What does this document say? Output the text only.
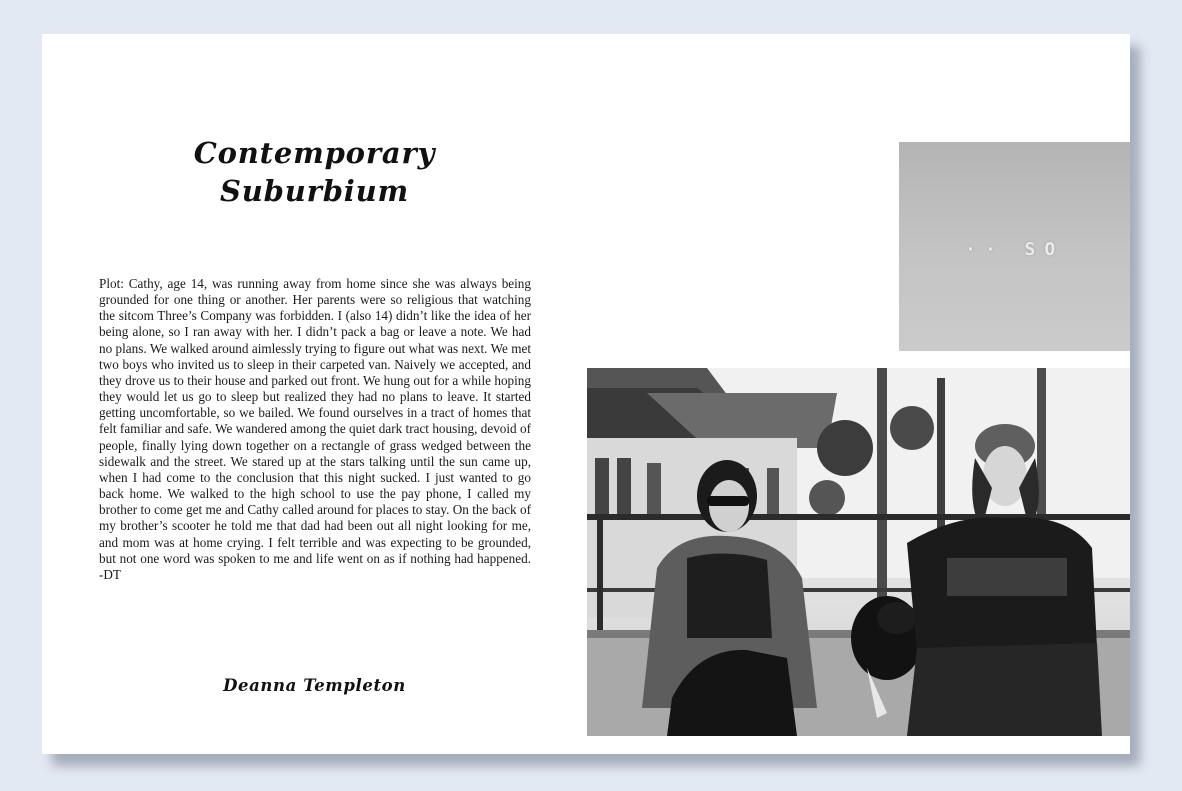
Contemporary
Suburbium

Plot: Cathy, age 14, was running away from home since she was always being grounded for one thing or another. Her parents were so religious that watching the sitcom Three’s Company was forbidden. I (also 14) didn’t like the idea of her being alone, so I ran away with her. I didn’t pack a bag or leave a note. We had no plans. We walked around aimlessly trying to figure out what was next. We met two boys who invited us to sleep in their carpeted van. Naively we accepted, and they drove us to their house and parked out front. We hung out for a while hoping they would let us go to sleep but realized they had no plans to leave. It started getting uncomfortable, so we bailed. We found ourselves in a tract of homes that felt familiar and safe. We wandered among the quiet dark tract housing, devoid of people, finally lying down together on a rectangle of grass wedged between the sidewalk and the street. We stared up at the stars talking until the sun came up, when I had come to the conclusion that this night sucked. I just wanted to go back home. We walked to the high school to use the pay phone, I called my brother to come get me and Cathy called around for places to stay. On the back of my brother’s scooter he told me that dad had been out all night looking for me, and mom was at home crying. I felt terrible and was expecting to be grounded, but not one word was spoken to me and life went on as if nothing had happened. -DT

Deanna Templeton
·· SO
